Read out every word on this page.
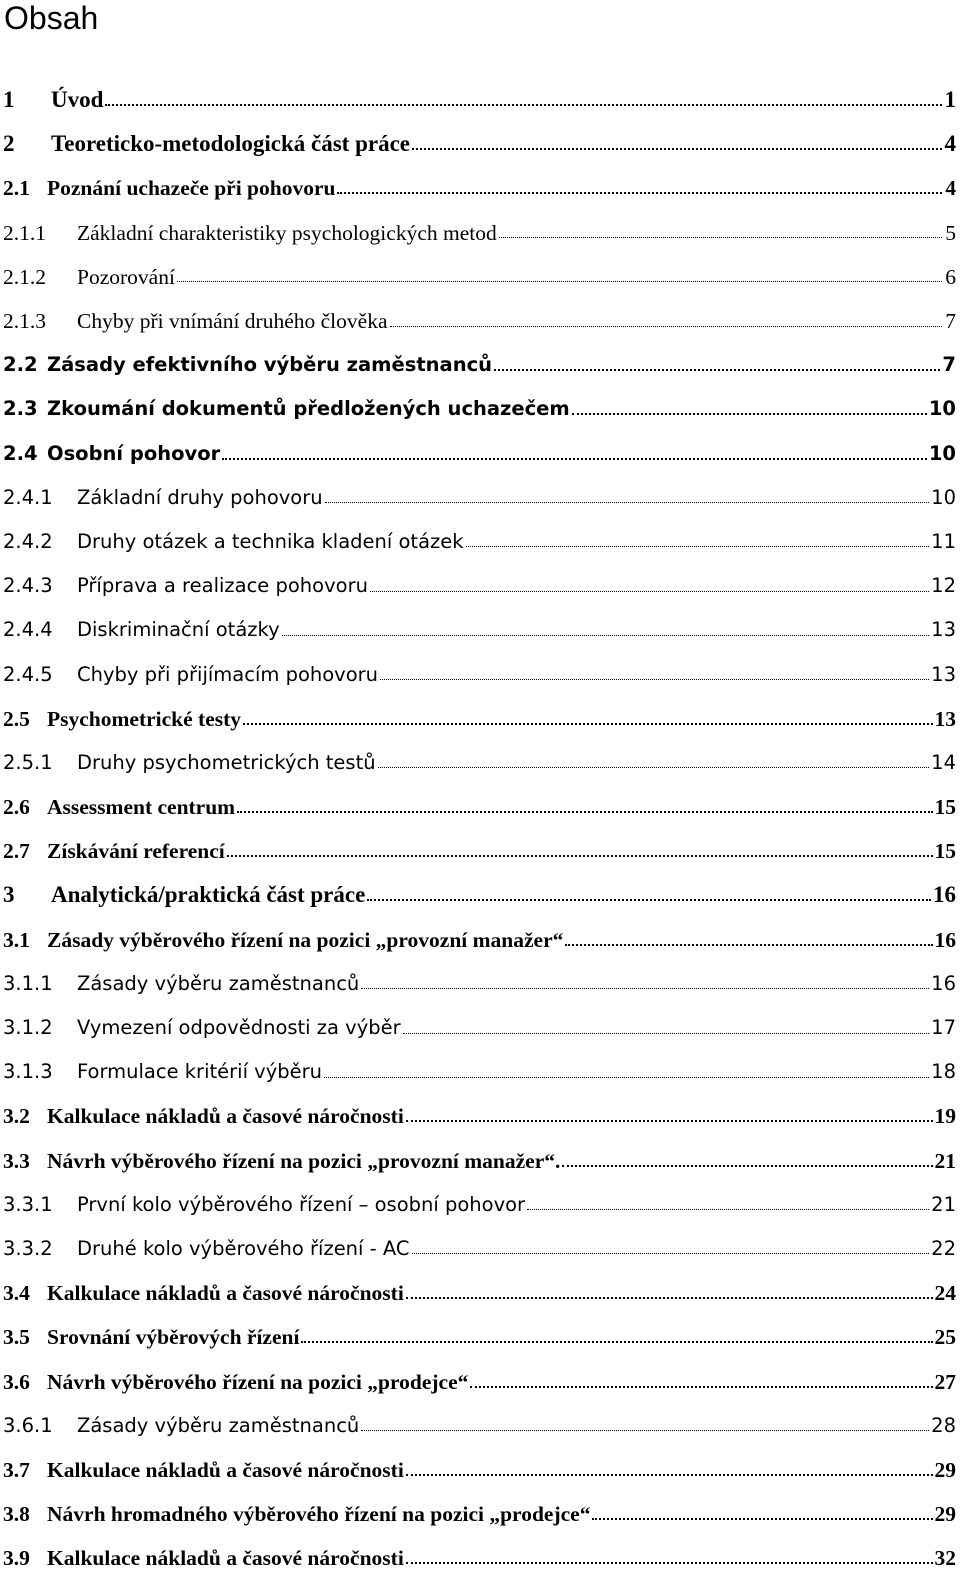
Obsah
1	Úvod	1
2	Teoreticko-metodologická část práce	4
2.1 Poznání uchazeče při pohovoru	4
2.1.1	Základní charakteristiky psychologických metod	5
2.1.2	Pozorování	6
2.1.3	Chyby při vnímání druhého člověka	7
2.2 Zásady efektivního výběru zaměstnanců	7
2.3 Zkoumání dokumentů předložených uchazečem	10
2.4 Osobní pohovor	10
2.4.1	Základní druhy pohovoru	10
2.4.2	Druhy otázek a technika kladení otázek	11
2.4.3	Příprava a realizace pohovoru	12
2.4.4	Diskriminační otázky	13
2.4.5	Chyby při přijímacím pohovoru	13
2.5 Psychometrické testy	13
2.5.1	Druhy psychometrických testů	14
2.6 Assessment centrum	15
2.7 Získávání referencí	15
3	Analytická/praktická část práce	16
3.1 Zásady výběrového řízení na pozici „provozní manažer“	16
3.1.1	Zásady výběru zaměstnanců	16
3.1.2	Vymezení odpovědnosti za výběr	17
3.1.3	Formulace kritérií výběru	18
3.2 Kalkulace nákladů a časové náročnosti	19
3.3 Návrh výběrového řízení na pozici „provozní manažer“.	21
3.3.1	První kolo výběrového řízení – osobní pohovor	21
3.3.2	Druhé kolo výběrového řízení - AC	22
3.4 Kalkulace nákladů a časové náročnosti	24
3.5 Srovnání výběrových řízení	25
3.6 Návrh výběrového řízení na pozici „prodejce“	27
3.6.1	Zásady výběru zaměstnanců	28
3.7 Kalkulace nákladů a časové náročnosti	29
3.8 Návrh hromadného výběrového řízení na pozici „prodejce“	29
3.9 Kalkulace nákladů a časové náročnosti	32
